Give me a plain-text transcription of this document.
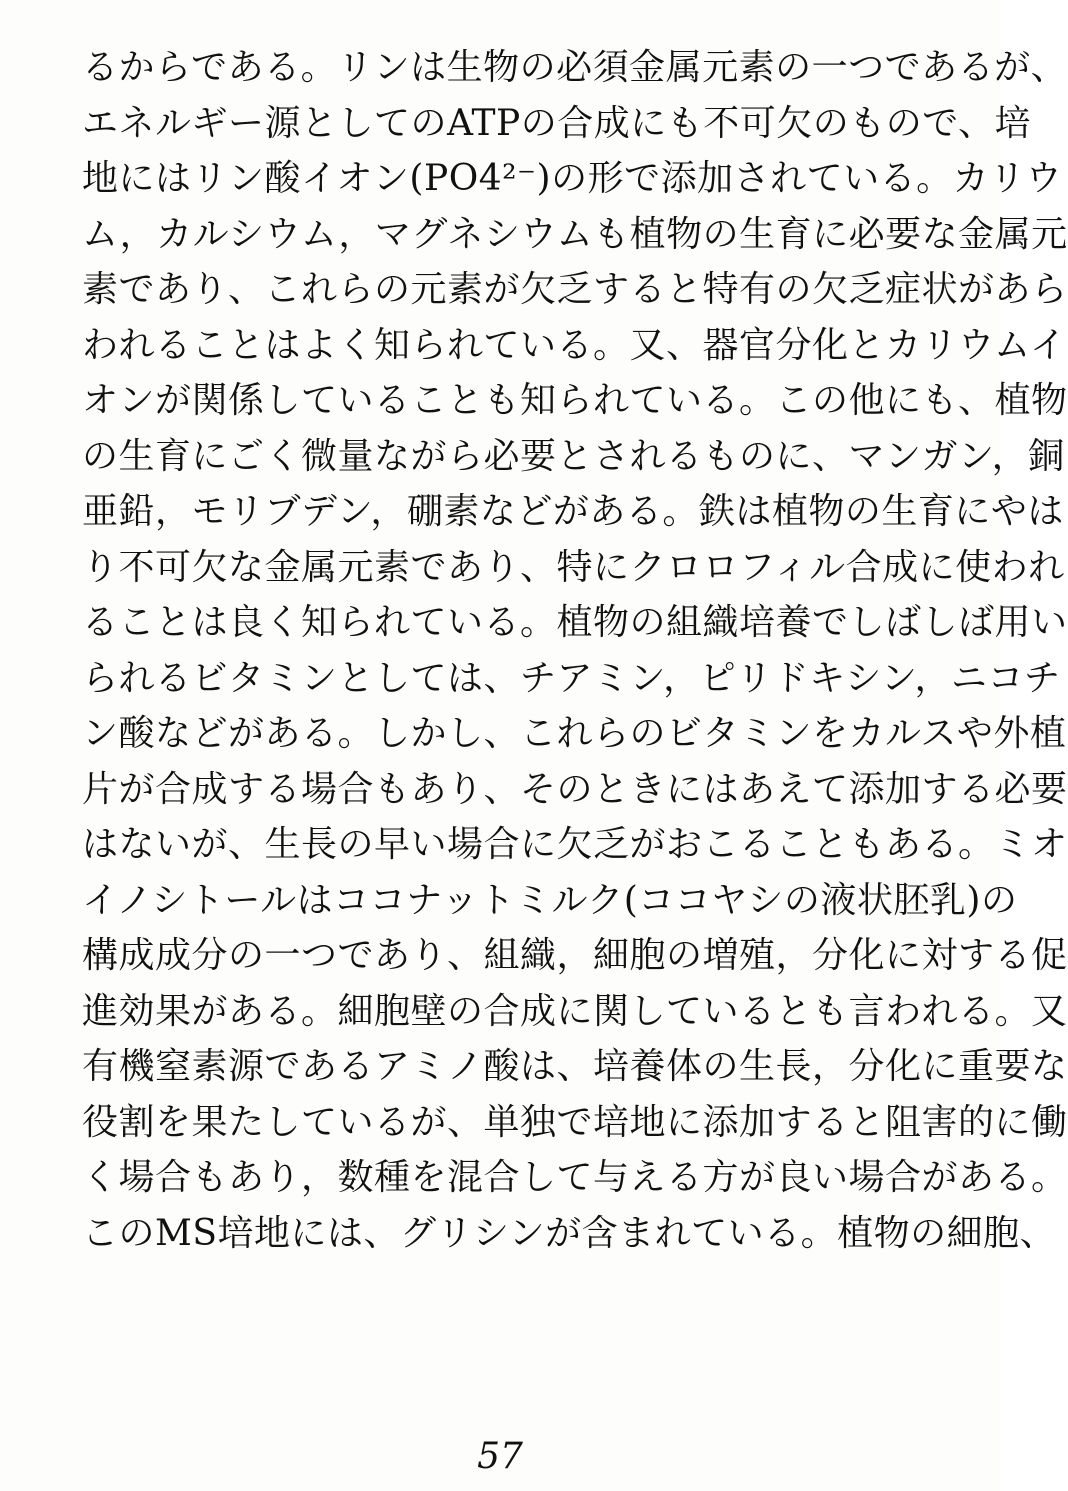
るからである。リンは生物の必須金属元素の一つであるが、
エネルギー源としてのATPの合成にも不可欠のもので、培
地にはリン酸イオン(PO4²⁻)の形で添加されている。カリウ
ム，カルシウム，マグネシウムも植物の生育に必要な金属元
素であり、これらの元素が欠乏すると特有の欠乏症状があら
われることはよく知られている。又、器官分化とカリウムイ
オンが関係していることも知られている。この他にも、植物
の生育にごく微量ながら必要とされるものに、マンガン，銅
亜鉛，モリブデン，硼素などがある。鉄は植物の生育にやは
り不可欠な金属元素であり、特にクロロフィル合成に使われ
ることは良く知られている。植物の組織培養でしばしば用い
られるビタミンとしては、チアミン，ピリドキシン，ニコチ
ン酸などがある。しかし、これらのビタミンをカルスや外植
片が合成する場合もあり、そのときにはあえて添加する必要
はないが、生長の早い場合に欠乏がおこることもある。ミオ
イノシトールはココナットミルク(ココヤシの液状胚乳)の
構成成分の一つであり、組織，細胞の増殖，分化に対する促
進効果がある。細胞壁の合成に関しているとも言われる。又
有機窒素源であるアミノ酸は、培養体の生長，分化に重要な
役割を果たしているが、単独で培地に添加すると阻害的に働
く場合もあり，数種を混合して与える方が良い場合がある。
このMS培地には、グリシンが含まれている。植物の細胞、
57
